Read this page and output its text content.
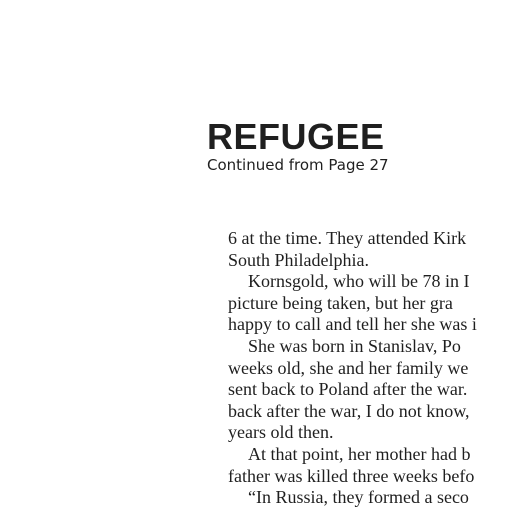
REFUGEE
Continued from Page 27
6 at the time. They attended Kirk
South Philadelphia.
Kornsgold, who will be 78 in I
picture being taken, but her gra
happy to call and tell her she was i
She was born in Stanislav, Po
weeks old, she and her family we
sent back to Poland after the war.
back after the war, I do not know,
years old then.
At that point, her mother had b
father was killed three weeks befo
“In Russia, they formed a seco
